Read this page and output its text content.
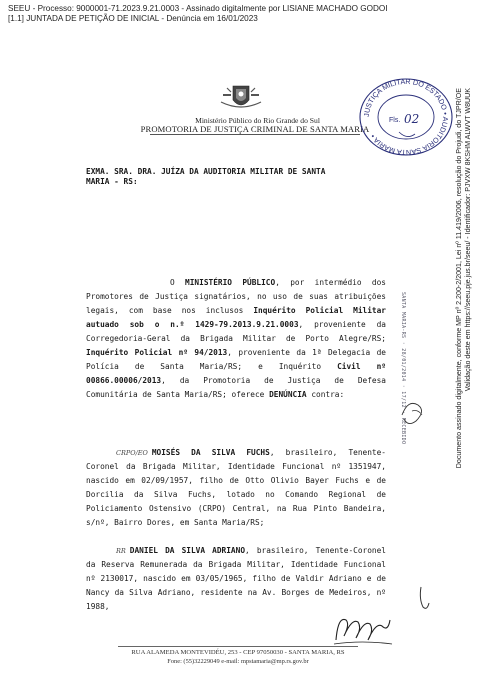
SEEU - Processo: 9000001-71.2023.9.21.0003 - Assinado digitalmente por LISIANE MACHADO GODOI
[1.1] JUNTADA DE PETIÇÃO DE INICIAL - Denúncia em 16/01/2023
Ministério Público do Rio Grande do Sul
PROMOTORIA DE JUSTIÇA CRIMINAL DE SANTA MARIA
JUSTIÇA MILITAR DO ESTADO • AUDITORIA SANTA MARIA •
Fls. 02
EXMA. SRA. DRA. JUÍZA DA AUDITORIA MILITAR DE SANTA
MARIA - RS:
O MINISTÉRIO PÚBLICO, por intermédio dos Promotores de Justiça signatários, no uso de suas atribuições legais, com base nos inclusos Inquérito Policial Militar autuado sob o n.º 1429-79.2013.9.21.0003, proveniente da Corregedoria-Geral da Brigada Militar de Porto Alegre/RS; Inquérito Policial nº 94/2013, proveniente da 1ª Delegacia de Polícia de Santa Maria/RS; e Inquérito Civil nº 00866.00006/2013, da Promotoria de Justiça de Defesa Comunitária de Santa Maria/RS; oferece DENÚNCIA contra:
CRPO/EO MOISÉS DA SILVA FUCHS, brasileiro, Tenente-Coronel da Brigada Militar, Identidade Funcional nº 1351947, nascido em 02/09/1957, filho de Otto Olivio Bayer Fuchs e de Dorcilia da Silva Fuchs, lotado no Comando Regional de Policiamento Ostensivo (CRPO) Central, na Rua Pinto Bandeira, s/nº, Bairro Dores, em Santa Maria/RS;
RR DANIEL DA SILVA ADRIANO, brasileiro, Tenente-Coronel da Reserva Remunerada da Brigada Militar, Identidade Funcional nº 2130017, nascido em 03/05/1965, filho de Valdir Adriano e de Nancy da Silva Adriano, residente na Av. Borges de Medeiros, nº 1988,
Documento assinado digitalmente, conforme MP nº 2.200-2/2001, Lei nº 11.419/2006, resolução do Projudi, do TJPR/OE Validação deste em https://seeu.pje.jus.br/seeu/ - Identificador: PJVXW 8KSHM ALWVT W8UUK
SANTA MARIA-RS · 28/01/2014 · 17/12 · RECEBIDO
RUA ALAMEDA MONTEVIDÉU, 253 - CEP 97050030 - SANTA MARIA, RS
Fone: (55)32229049 e-mail: mpstamaria@mp.rs.gov.br
